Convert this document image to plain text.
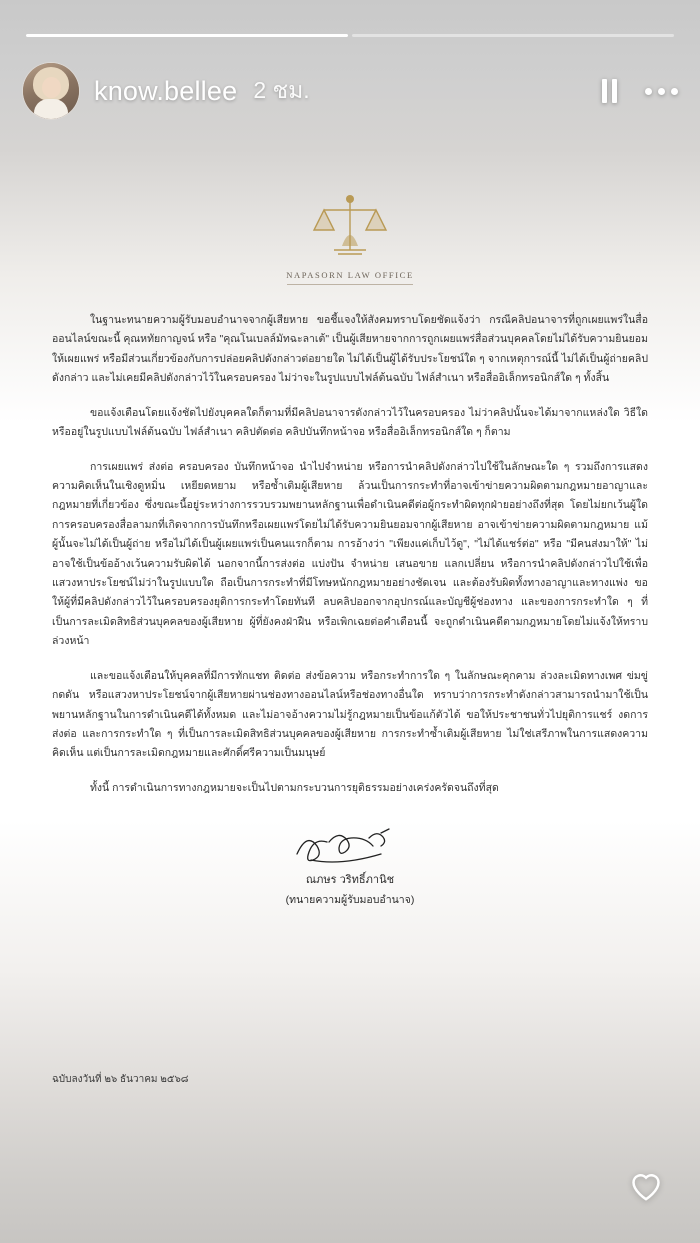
know.bellee 2 ชม.
NAPASORN LAW OFFICE

ในฐานะทนายความผู้รับมอบอำนาจจากผู้เสียหาย ขอชี้แจงให้สังคมทราบโดยชัดแจ้งว่า กรณีคลิปอนาจารที่ถูกเผยแพร่ในสื่อออนไลน์ขณะนี้ คุณหทัยกาญจน์ หรือ "คุณโนเบลล์มัทฉะลาเต้" เป็นผู้เสียหายจากการถูกเผยแพร่สื่อส่วนบุคคลโดยไม่ได้รับความยินยอมให้เผยแพร่ หรือมีส่วนเกี่ยวข้องกับการปล่อยคลิปดังกล่าวต่อยายใด ไม่ได้เป็นผู้ได้รับประโยชน์ใด ๆ จากเหตุการณ์นี้ ไม่ได้เป็นผู้ถ่ายคลิปดังกล่าว และไม่เคยมีคลิปดังกล่าวไว้ในครอบครอง ไม่ว่าจะในรูปแบบไฟล์ต้นฉบับ ไฟล์สำเนา หรือสื่ออิเล็กทรอนิกส์ใด ๆ ทั้งสิ้น

ขอแจ้งเตือนโดยแจ้งชัดไปยังบุคคลใดก็ตามที่มีคลิปอนาจารดังกล่าวไว้ในครอบครอง ไม่ว่าคลิปนั้นจะได้มาจากแหล่งใด วิธีใด หรืออยู่ในรูปแบบไฟล์ต้นฉบับ ไฟล์สำเนา คลิปตัดต่อ คลิปบันทึกหน้าจอ หรือสื่ออิเล็กทรอนิกส์ใด ๆ ก็ตาม

การเผยแพร่ ส่งต่อ ครอบครอง บันทึกหน้าจอ นำไปจำหน่าย หรือการนำคลิปดังกล่าวไปใช้ในลักษณะใด ๆ รวมถึงการแสดงความคิดเห็นในเชิงดูหมิ่น เหยียดหยาม หรือซ้ำเติมผู้เสียหาย ล้วนเป็นการกระทำที่อาจเข้าข่ายความผิดตามกฎหมายอาญาและกฎหมายที่เกี่ยวข้อง ซึ่งขณะนี้อยู่ระหว่างการรวบรวมพยานหลักฐานเพื่อดำเนินคดีต่อผู้กระทำผิดทุกฝ่ายอย่างถึงที่สุด โดยไม่ยกเว้นผู้ใด การครอบครองสื่อลามกที่เกิดจากการบันทึกหรือเผยแพร่โดยไม่ได้รับความยินยอมจากผู้เสียหาย อาจเข้าข่ายความผิดตามกฎหมาย แม้ผู้นั้นจะไม่ได้เป็นผู้ถ่าย หรือไม่ได้เป็นผู้เผยแพร่เป็นคนแรกก็ตาม การอ้างว่า "เพียงแค่เก็บไว้ดู", "ไม่ได้แชร์ต่อ" หรือ "มีคนส่งมาให้" ไม่อาจใช้เป็นข้ออ้างเว้นความรับผิดได้ นอกจากนี้การส่งต่อ แบ่งปัน จำหน่าย เสนอขาย แลกเปลี่ยน หรือการนำคลิปดังกล่าวไปใช้เพื่อแสวงหาประโยชน์ไม่ว่าในรูปแบบใด ถือเป็นการกระทำที่มีโทษหนักกฎหมายอย่างชัดเจน และต้องรับผิดทั้งทางอาญาและทางแพ่ง ขอให้ผู้ที่มีคลิปดังกล่าวไว้ในครอบครองยุติการกระทำโดยทันที ลบคลิปออกจากอุปกรณ์และบัญชีผู้ช่องทาง และของการกระทำใด ๆ ที่เป็นการละเมิดสิทธิส่วนบุคคลของผู้เสียหาย ผู้ที่ยังคงฝ่าฝืน หรือเพิกเฉยต่อคำเตือนนี้ จะถูกดำเนินคดีตามกฎหมายโดยไม่แจ้งให้ทราบล่วงหน้า

และขอแจ้งเตือนให้บุคคลที่มีการทักแชท ติดต่อ ส่งข้อความ หรือกระทำการใด ๆ ในลักษณะคุกคาม ล่วงละเมิดทางเพศ ข่มขู่ กดดัน หรือแสวงหาประโยชน์จากผู้เสียหายผ่านช่องทางออนไลน์หรือช่องทางอื่นใด ทราบว่าการกระทำดังกล่าวสามารถนำมาใช้เป็นพยานหลักฐานในการดำเนินคดีได้ทั้งหมด และไม่อาจอ้างความไม่รู้กฎหมายเป็นข้อแก้ตัวได้ ขอให้ประชาชนทั่วไปยุติการแชร์ งดการส่งต่อ และการกระทำใด ๆ ที่เป็นการละเมิดสิทธิส่วนบุคคลของผู้เสียหาย การกระทำซ้ำเติมผู้เสียหาย ไม่ใช่เสรีภาพในการแสดงความคิดเห็น แต่เป็นการละเมิดกฎหมายและศักดิ์ศรีความเป็นมนุษย์

ทั้งนี้ การดำเนินการทางกฎหมายจะเป็นไปตามกระบวนการยุติธรรมอย่างเคร่งครัดจนถึงที่สุด

ณภษร วริทธิ์ภานิช
(ทนายความผู้รับมอบอำนาจ)
ฉบับลงวันที่ ๒๖ ธันวาคม ๒๕๖๘
